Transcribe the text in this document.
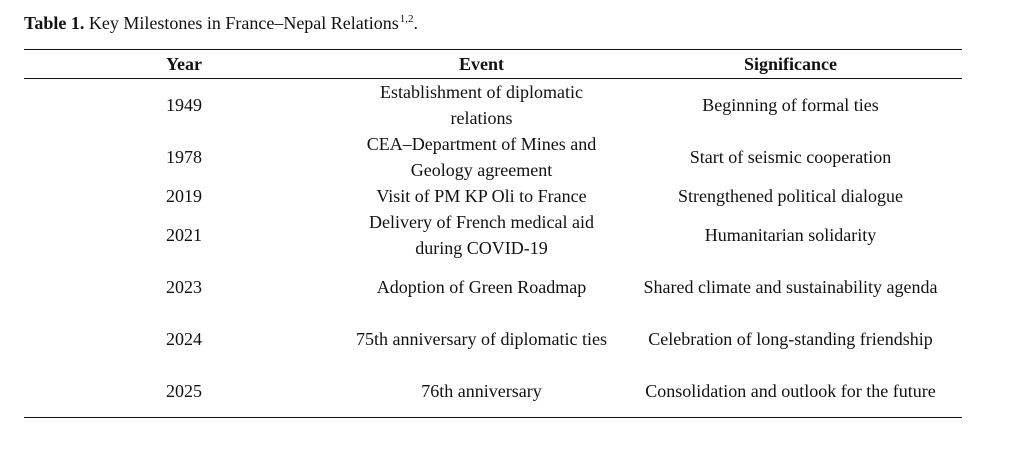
Table 1. Key Milestones in France–Nepal Relations$^{1,2}$.
Year	Event	Significance
1949	Establishment of diplomatic relations	Beginning of formal ties
1978	CEA–Department of Mines and Geology agreement	Start of seismic cooperation
2019	Visit of PM KP Oli to France	Strengthened political dialogue
2021	Delivery of French medical aid during COVID-19	Humanitarian solidarity
2023	Adoption of Green Roadmap	Shared climate and sustainability agenda
2024	75th anniversary of diplomatic ties	Celebration of long-standing friendship
2025	76th anniversary	Consolidation and outlook for the future
